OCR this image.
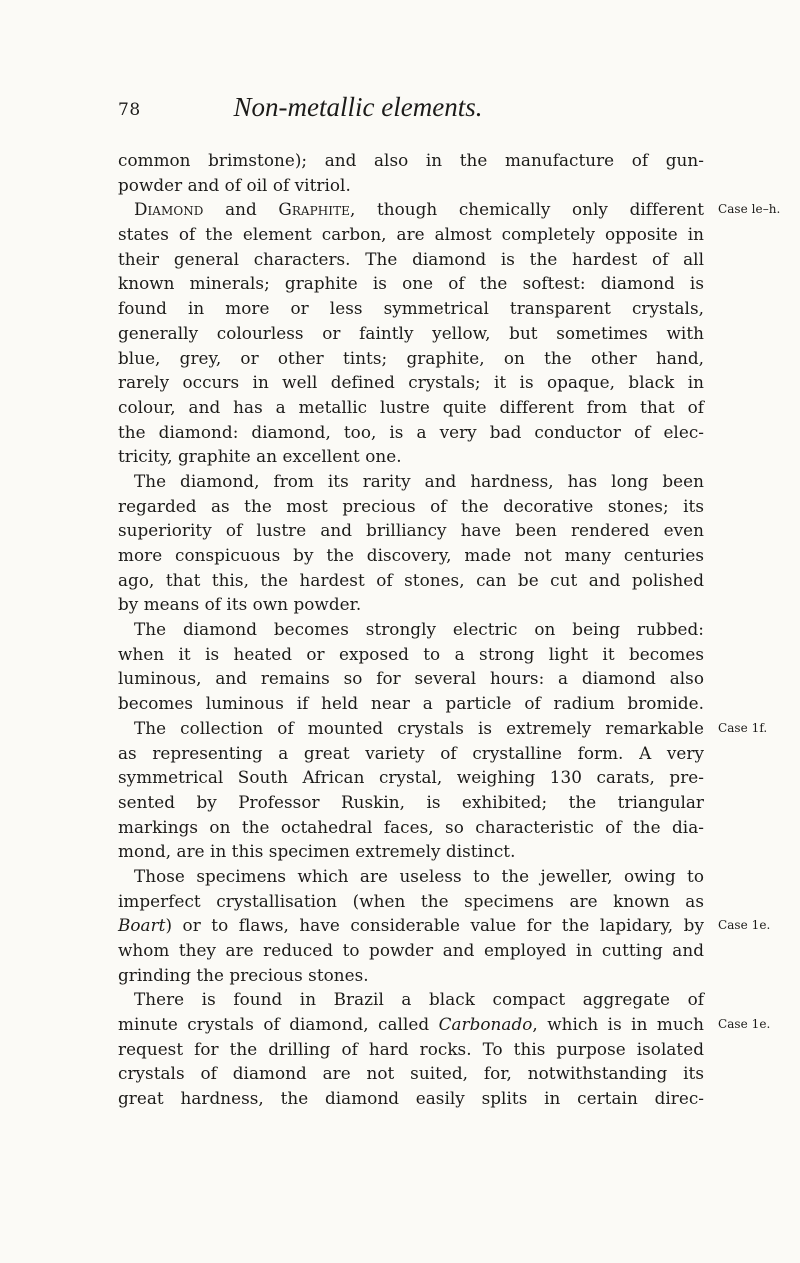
78	Non-metallic elements.
common brimstone); and also in the manufacture of gun-
powder and of oil of vitriol.
Diamond and Graphite, though chemically only different Case le–h.
states of the element carbon, are almost completely opposite in
their general characters. The diamond is the hardest of all
known minerals; graphite is one of the softest: diamond is
found in more or less symmetrical transparent crystals,
generally colourless or faintly yellow, but sometimes with
blue, grey, or other tints; graphite, on the other hand,
rarely occurs in well defined crystals; it is opaque, black in
colour, and has a metallic lustre quite different from that of
the diamond: diamond, too, is a very bad conductor of elec-
tricity, graphite an excellent one.
The diamond, from its rarity and hardness, has long been
regarded as the most precious of the decorative stones; its
superiority of lustre and brilliancy have been rendered even
more conspicuous by the discovery, made not many centuries
ago, that this, the hardest of stones, can be cut and polished
by means of its own powder.
The diamond becomes strongly electric on being rubbed:
when it is heated or exposed to a strong light it becomes
luminous, and remains so for several hours: a diamond also
becomes luminous if held near a particle of radium bromide.
The collection of mounted crystals is extremely remarkable Case 1f.
as representing a great variety of crystalline form. A very
symmetrical South African crystal, weighing 130 carats, pre-
sented by Professor Ruskin, is exhibited; the triangular
markings on the octahedral faces, so characteristic of the dia-
mond, are in this specimen extremely distinct.
Those specimens which are useless to the jeweller, owing to
imperfect crystallisation (when the specimens are known as
Boart) or to flaws, have considerable value for the lapidary, by Case 1e.
whom they are reduced to powder and employed in cutting and
grinding the precious stones.
There is found in Brazil a black compact aggregate of
minute crystals of diamond, called Carbonado, which is in much Case 1e.
request for the drilling of hard rocks. To this purpose isolated
crystals of diamond are not suited, for, notwithstanding its
great hardness, the diamond easily splits in certain direc-
